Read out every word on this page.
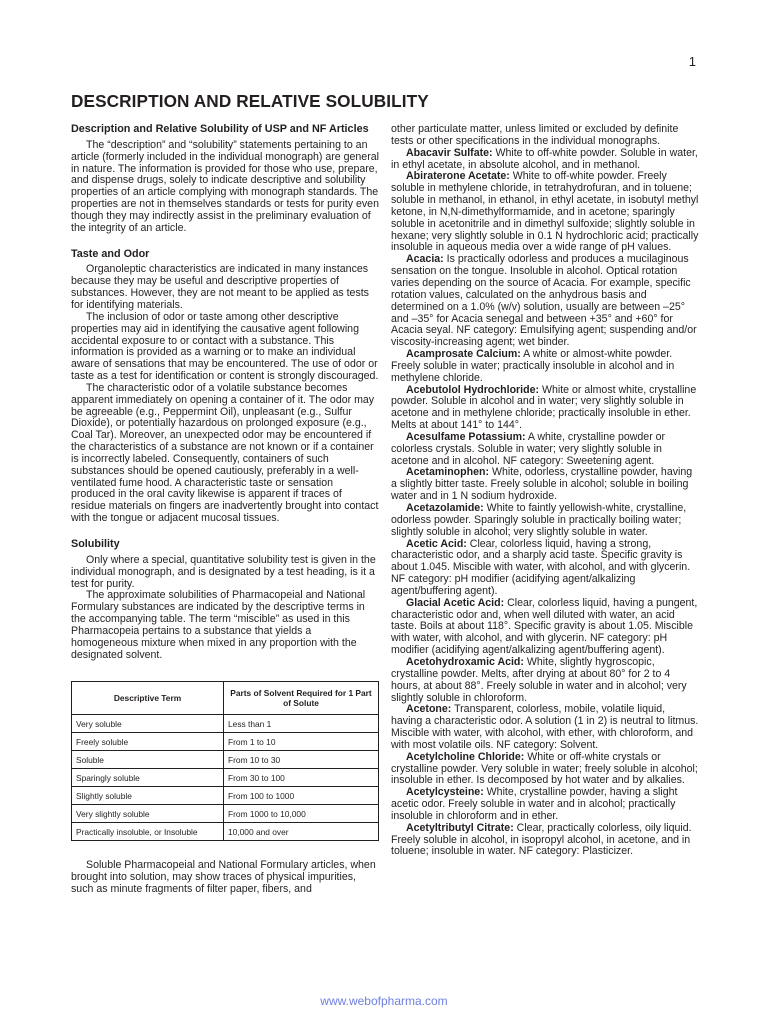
1
DESCRIPTION AND RELATIVE SOLUBILITY
Description and Relative Solubility of USP and NF Articles

The “description” and “solubility” statements pertaining to an article (formerly included in the individual monograph) are general in nature. The information is provided for those who use, prepare, and dispense drugs, solely to indicate descriptive and solubility properties of an article complying with monograph standards. The properties are not in themselves standards or tests for purity even though they may indirectly assist in the preliminary evaluation of the integrity of an article.

Taste and Odor

Organoleptic characteristics are indicated in many instances because they may be useful and descriptive properties of substances. However, they are not meant to be applied as tests for identifying materials.

The inclusion of odor or taste among other descriptive properties may aid in identifying the causative agent following accidental exposure to or contact with a substance. This information is provided as a warning or to make an individual aware of sensations that may be encountered. The use of odor or taste as a test for identification or content is strongly discouraged.

The characteristic odor of a volatile substance becomes apparent immediately on opening a container of it. The odor may be agreeable (e.g., Peppermint Oil), unpleasant (e.g., Sulfur Dioxide), or potentially hazardous on prolonged exposure (e.g., Coal Tar). Moreover, an unexpected odor may be encountered if the characteristics of a substance are not known or if a container is incorrectly labeled. Consequently, containers of such substances should be opened cautiously, preferably in a well-ventilated fume hood. A characteristic taste or sensation produced in the oral cavity likewise is apparent if traces of residue materials on fingers are inadvertently brought into contact with the tongue or adjacent mucosal tissues.

Solubility

Only where a special, quantitative solubility test is given in the individual monograph, and is designated by a test heading, is it a test for purity.

The approximate solubilities of Pharmacopeial and National Formulary substances are indicated by the descriptive terms in the accompanying table. The term “miscible” as used in this Pharmacopeia pertains to a substance that yields a homogeneous mixture when mixed in any proportion with the designated solvent.

Descriptive Term	Parts of Solvent Required for 1 Part of Solute
Very soluble	Less than 1
Freely soluble	From 1 to 10
Soluble	From 10 to 30
Sparingly soluble	From 30 to 100
Slightly soluble	From 100 to 1000
Very slightly soluble	From 1000 to 10,000
Practically insoluble, or Insoluble	10,000 and over

Soluble Pharmacopeial and National Formulary articles, when brought into solution, may show traces of physical impurities, such as minute fragments of filter paper, fibers, and

other particulate matter, unless limited or excluded by definite tests or other specifications in the individual monographs.

Abacavir Sulfate: White to off-white powder. Soluble in water, in ethyl acetate, in absolute alcohol, and in methanol.

Abiraterone Acetate: White to off-white powder. Freely soluble in methylene chloride, in tetrahydrofuran, and in toluene; soluble in methanol, in ethanol, in ethyl acetate, in isobutyl methyl ketone, in N,N-dimethylformamide, and in acetone; sparingly soluble in acetonitrile and in dimethyl sulfoxide; slightly soluble in hexane; very slightly soluble in 0.1 N hydrochloric acid; practically insoluble in aqueous media over a wide range of pH values.

Acacia: Is practically odorless and produces a mucilaginous sensation on the tongue. Insoluble in alcohol. Optical rotation varies depending on the source of Acacia. For example, specific rotation values, calculated on the anhydrous basis and determined on a 1.0% (w/v) solution, usually are between –25° and –35° for Acacia senegal and between +35° and +60° for Acacia seyal. NF category: Emulsifying agent; suspending and/or viscosity-increasing agent; wet binder.

Acamprosate Calcium: A white or almost-white powder. Freely soluble in water; practically insoluble in alcohol and in methylene chloride.

Acebutolol Hydrochloride: White or almost white, crystalline powder. Soluble in alcohol and in water; very slightly soluble in acetone and in methylene chloride; practically insoluble in ether. Melts at about 141° to 144°.

Acesulfame Potassium: A white, crystalline powder or colorless crystals. Soluble in water; very slightly soluble in acetone and in alcohol. NF category: Sweetening agent.

Acetaminophen: White, odorless, crystalline powder, having a slightly bitter taste. Freely soluble in alcohol; soluble in boiling water and in 1 N sodium hydroxide.

Acetazolamide: White to faintly yellowish-white, crystalline, odorless powder. Sparingly soluble in practically boiling water; slightly soluble in alcohol; very slightly soluble in water.

Acetic Acid: Clear, colorless liquid, having a strong, characteristic odor, and a sharply acid taste. Specific gravity is about 1.045. Miscible with water, with alcohol, and with glycerin. NF category: pH modifier (acidifying agent/alkalizing agent/buffering agent).

Glacial Acetic Acid: Clear, colorless liquid, having a pungent, characteristic odor and, when well diluted with water, an acid taste. Boils at about 118°. Specific gravity is about 1.05. Miscible with water, with alcohol, and with glycerin. NF category: pH modifier (acidifying agent/alkalizing agent/buffering agent).

Acetohydroxamic Acid: White, slightly hygroscopic, crystalline powder. Melts, after drying at about 80° for 2 to 4 hours, at about 88°. Freely soluble in water and in alcohol; very slightly soluble in chloroform.

Acetone: Transparent, colorless, mobile, volatile liquid, having a characteristic odor. A solution (1 in 2) is neutral to litmus. Miscible with water, with alcohol, with ether, with chloroform, and with most volatile oils. NF category: Solvent.

Acetylcholine Chloride: White or off-white crystals or crystalline powder. Very soluble in water; freely soluble in alcohol; insoluble in ether. Is decomposed by hot water and by alkalies.

Acetylcysteine: White, crystalline powder, having a slight acetic odor. Freely soluble in water and in alcohol; practically insoluble in chloroform and in ether.

Acetyltributyl Citrate: Clear, practically colorless, oily liquid. Freely soluble in alcohol, in isopropyl alcohol, in acetone, and in toluene; insoluble in water. NF category: Plasticizer.

www.webofpharma.com
